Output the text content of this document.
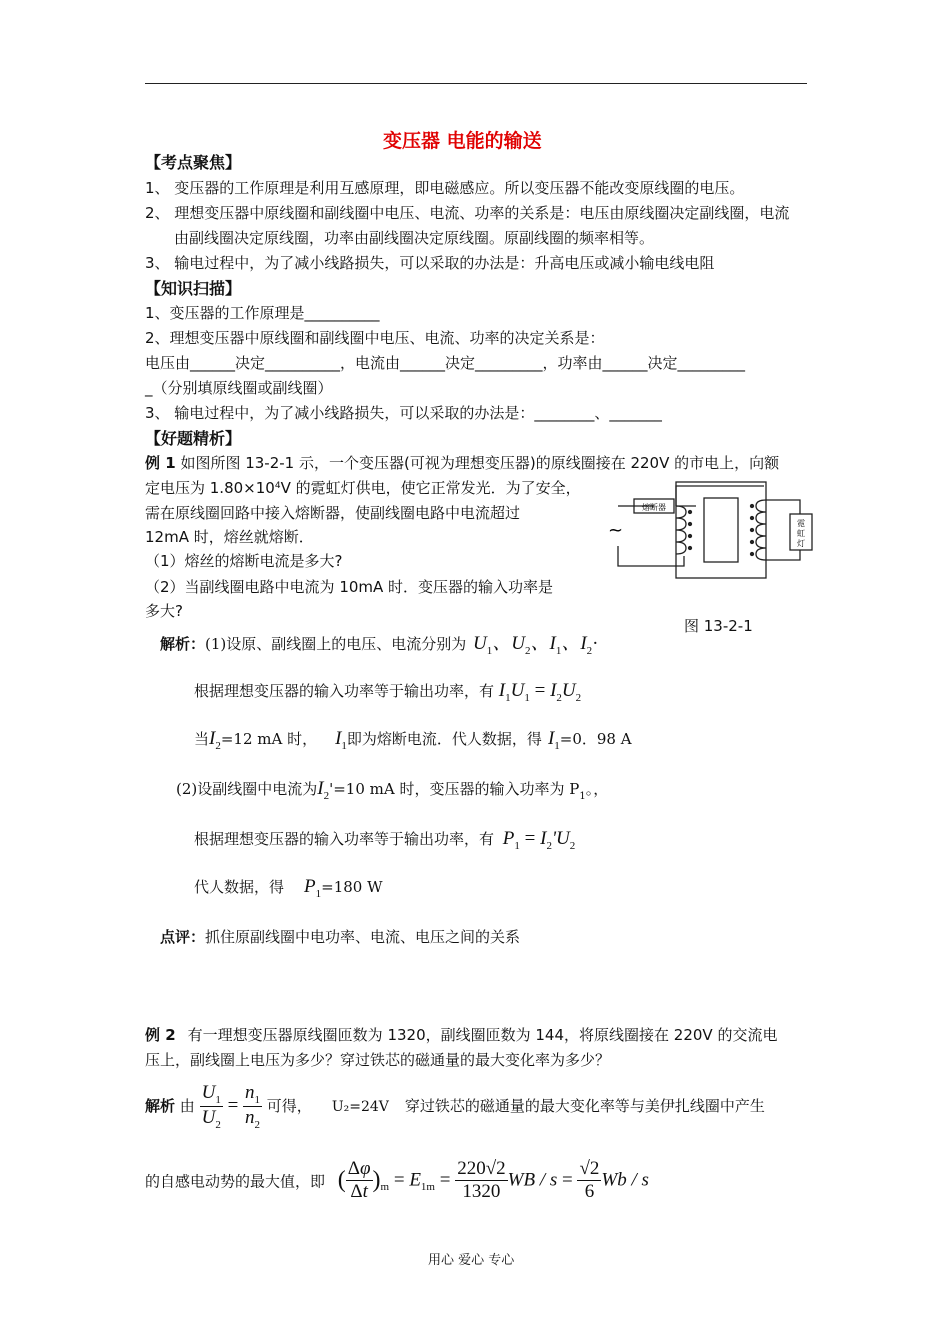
变压器 电能的输送
【考点聚焦】
1、 变压器的工作原理是利用互感原理，即电磁感应。所以变压器不能改变原线圈的电压。
2、 理想变压器中原线圈和副线圈中电压、电流、功率的关系是：电压由原线圈决定副线圈，电流
由副线圈决定原线圈，功率由副线圈决定原线圈。原副线圈的频率相等。
3、 输电过程中，为了减小线路损失，可以采取的办法是：升高电压或减小输电线电阻
【知识扫描】
1、变压器的工作原理是__________
2、理想变压器中原线圈和副线圈中电压、电流、功率的决定关系是：
电压由______决定__________，电流由______决定_________，功率由______决定_________
_（分别填原线圈或副线圈）
3、 输电过程中，为了减小线路损失，可以采取的办法是：________、_______
【好题精析】
例 1 如图所图 13-2-1 示，一个变压器(可视为理想变压器)的原线圈接在 220V 的市电上，向额
定电压为 $1.80\times 10^4V$ 的霓虹灯供电，使它正常发光．为了安全，
需在原线圈回路中接入熔断器，使副线圈电路中电流超过
12mA 时，熔丝就熔断．
（1）熔丝的熔断电流是多大?
（2）当副线圈电路中电流为 10mA 时．变压器的输入功率是
多大?
熔断器
霓虹灯
~
图 13-2-1
解析：(1)设原、副线圈上的电压、电流分别为 $U_1$、$U_2$、$I_1$、$I_2\cdot$
根据理想变压器的输入功率等于输出功率，有 $I_1U_1 = I_2U_2$
当$I_2=12$ mA 时， $I_1$即为熔断电流．代人数据，得 $I_1=0$．98 A
(2)设副线圈中电流为$I_2'=10$ mA 时，变压器的输入功率为 $P_1$。，
根据理想变压器的输入功率等于输出功率，有 $P_1 = I_2'U_2$
代人数据，得 $P_1=180$ W
点评：抓住原副线圈中电功率、电流、电压之间的关系
例 2 有一理想变压器原线圈匝数为 1320，副线圈匝数为 144，将原线圈接在 220V 的交流电
压上，副线圈上电压为多少？穿过铁芯的磁通量的最大变化率为多少？
解析 由 $\frac{U_1}{U_2} = \frac{n_1}{n_2}$ 可得， U₂=24V 穿过铁芯的磁通量的最大变化率等与美伊扎线圈中产生
的自感电动势的最大值，即 ( $\frac{\Delta\varphi}{\Delta t} )_m = E_{1m} = \frac{220√2}{1320}$ WB / $s = \frac{√2}{6}$ Wb / s
用心 爱心 专心
